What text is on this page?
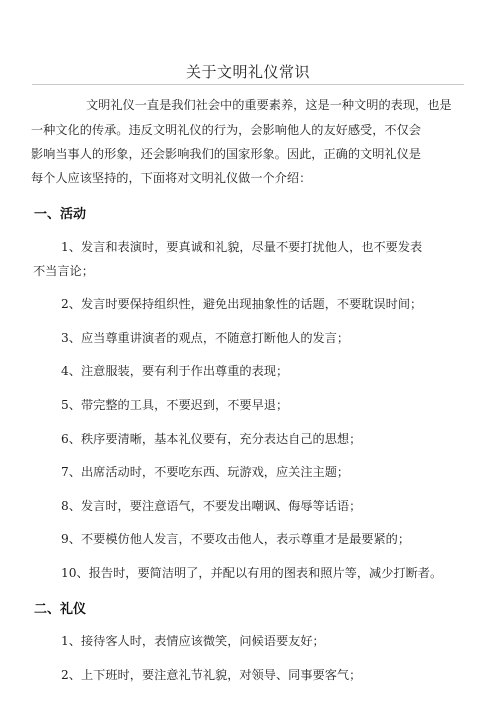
关于文明礼仪常识
文明礼仪一直是我们社会中的重要素养，这是一种文明的表现，也是
一种文化的传承。违反文明礼仪的行为，会影响他人的友好感受，不仅会
影响当事人的形象，还会影响我们的国家形象。因此，正确的文明礼仪是
每个人应该坚持的，下面将对文明礼仪做一个介绍：
一、活动
1、发言和表演时，要真诚和礼貌，尽量不要打扰他人，也不要发表
不当言论；
2、发言时要保持组织性，避免出现抽象性的话题，不要耽误时间；
3、应当尊重讲演者的观点，不随意打断他人的发言；
4、注意服装，要有利于作出尊重的表现；
5、带完整的工具，不要迟到，不要早退；
6、秩序要清晰，基本礼仪要有，充分表达自己的思想；
7、出席活动时，不要吃东西、玩游戏，应关注主题；
8、发言时，要注意语气，不要发出嘲讽、侮辱等话语；
9、不要模仿他人发言，不要攻击他人，表示尊重才是最要紧的；
10、报告时，要简洁明了，并配以有用的图表和照片等，减少打断者。
二、礼仪
1、接待客人时，表情应该微笑，问候语要友好；
2、上下班时，要注意礼节礼貌，对领导、同事要客气；
